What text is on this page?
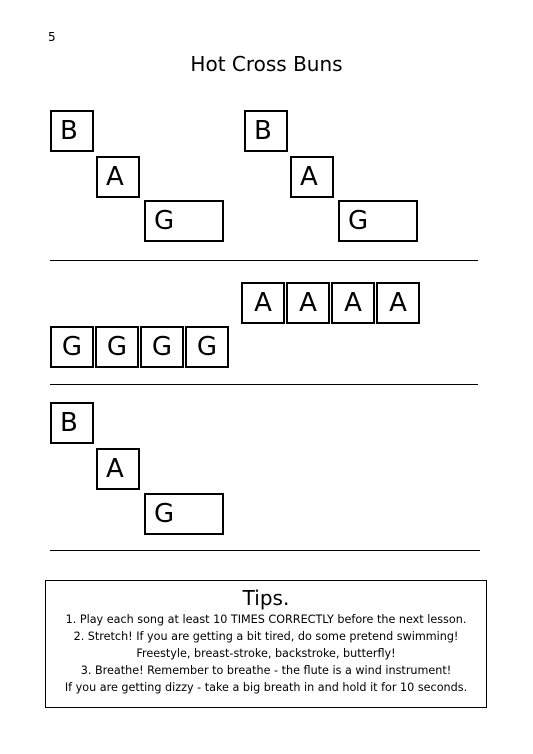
5
Hot Cross Buns
B
A
G
B
A
G
A	A	A	A
G G G G
B
A
G
Tips.
1. Play each song at least 10 TIMES CORRECTLY before the next lesson.
2. Stretch! If you are getting a bit tired, do some pretend swimming!
Freestyle, breast-stroke, backstroke, butterfly!
3. Breathe! Remember to breathe - the flute is a wind instrument!
If you are getting dizzy - take a big breath in and hold it for 10 seconds.
